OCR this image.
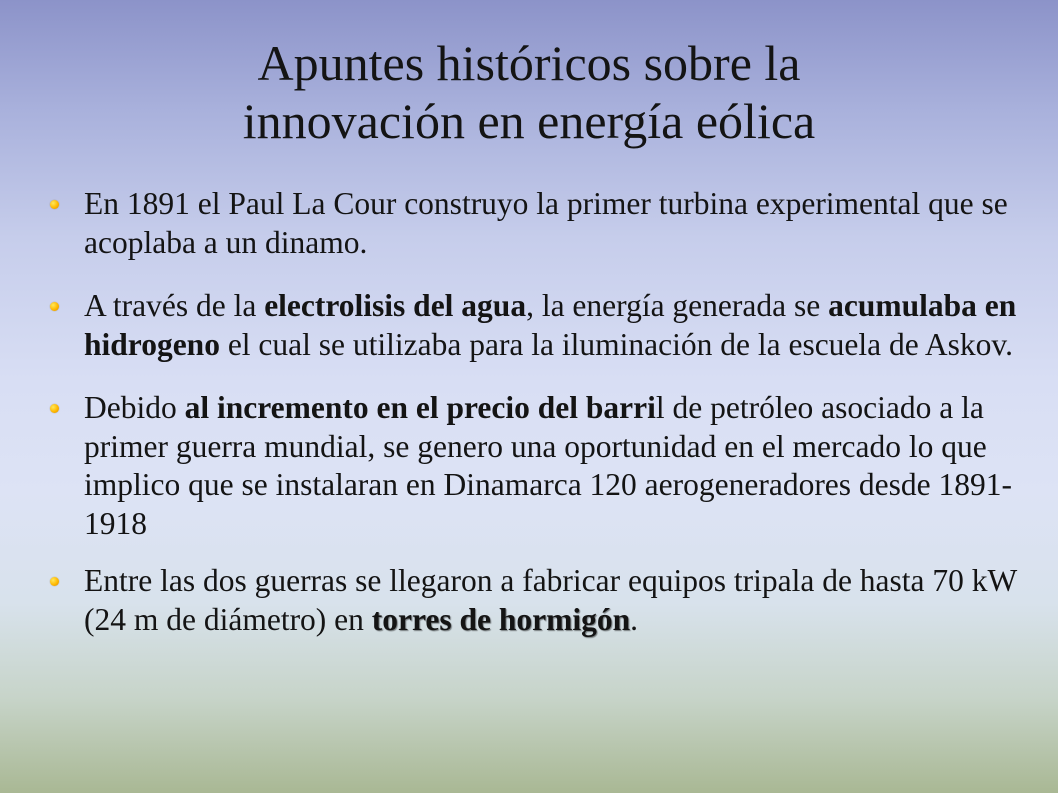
Apuntes históricos sobre la
innovación en energía eólica
En 1891 el Paul La Cour construyo la primer turbina experimental que se acoplaba a un dinamo.
A través de la electrolisis del agua, la energía generada se acumulaba en hidrogeno el cual se utilizaba para la iluminación de la escuela de Askov.
Debido al incremento en el precio del barril de petróleo asociado a la primer guerra mundial, se genero una oportunidad en el mercado lo que implico que se instalaran en Dinamarca 120 aerogeneradores desde 1891-1918
Entre las dos guerras se llegaron a fabricar equipos tripala de hasta 70 kW (24 m de diámetro) en torres de hormigón.
